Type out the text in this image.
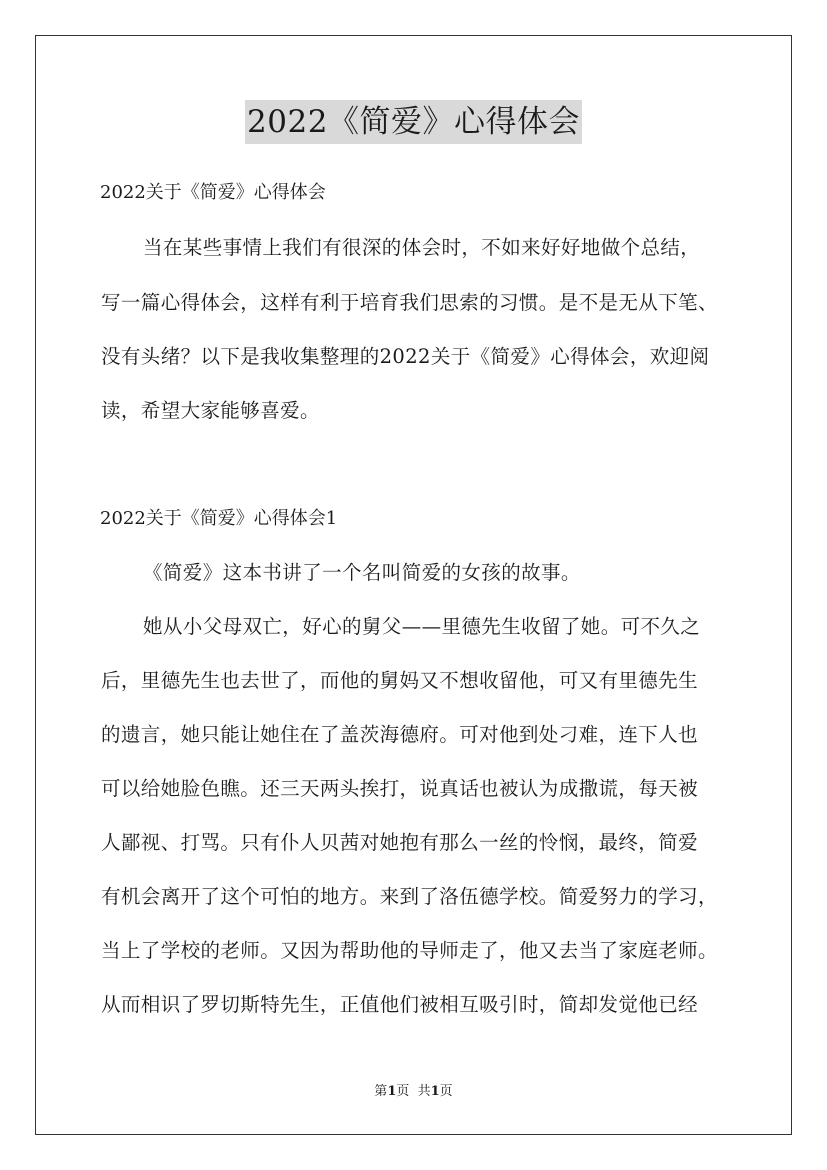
2022《简爱》心得体会
2022关于《简爱》心得体会
当在某些事情上我们有很深的体会时，不如来好好地做个总结，
写一篇心得体会，这样有利于培育我们思索的习惯。是不是无从下笔、
没有头绪？以下是我收集整理的2022关于《简爱》心得体会，欢迎阅
读，希望大家能够喜爱。
2022关于《简爱》心得体会1
《简爱》这本书讲了一个名叫简爱的女孩的故事。
她从小父母双亡，好心的舅父——里德先生收留了她。可不久之
后，里德先生也去世了，而他的舅妈又不想收留他，可又有里德先生
的遗言，她只能让她住在了盖茨海德府。可对他到处刁难，连下人也
可以给她脸色瞧。还三天两头挨打，说真话也被认为成撒谎，每天被
人鄙视、打骂。只有仆人贝茜对她抱有那么一丝的怜悯，最终，简爱
有机会离开了这个可怕的地方。来到了洛伍德学校。简爱努力的学习，
当上了学校的老师。又因为帮助他的导师走了，他又去当了家庭老师。
从而相识了罗切斯特先生，正值他们被相互吸引时，简却发觉他已经
第1页  共1页
